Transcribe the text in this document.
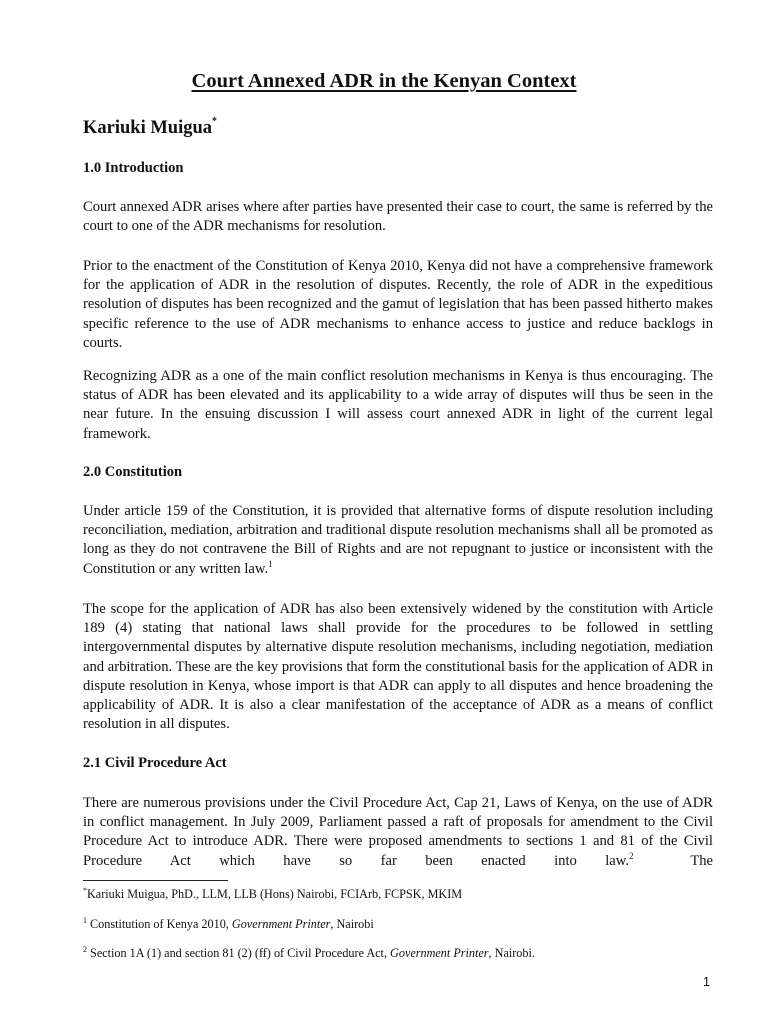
Court Annexed ADR in the Kenyan Context
Kariuki Muigua*
1.0 Introduction

Court annexed ADR arises where after parties have presented their case to court, the same is referred by the court to one of the ADR mechanisms for resolution.

Prior to the enactment of the Constitution of Kenya 2010, Kenya did not have a comprehensive framework for the application of ADR in the resolution of disputes. Recently, the role of ADR in the expeditious resolution of disputes has been recognized and the gamut of legislation that has been passed hitherto makes specific reference to the use of ADR mechanisms to enhance access to justice and reduce backlogs in courts.

Recognizing ADR as a one of the main conflict resolution mechanisms in Kenya is thus encouraging. The status of ADR has been elevated and its applicability to a wide array of disputes will thus be seen in the near future. In the ensuing discussion I will assess court annexed ADR in light of the current legal framework.

2.0 Constitution

Under article 159 of the Constitution, it is provided that alternative forms of dispute resolution including reconciliation, mediation, arbitration and traditional dispute resolution mechanisms shall all be promoted as long as they do not contravene the Bill of Rights and are not repugnant to justice or inconsistent with the Constitution or any written law.$^1$

The scope for the application of ADR has also been extensively widened by the constitution with Article 189 (4) stating that national laws shall provide for the procedures to be followed in settling intergovernmental disputes by alternative dispute resolution mechanisms, including negotiation, mediation and arbitration. These are the key provisions that form the constitutional basis for the application of ADR in dispute resolution in Kenya, whose import is that ADR can apply to all disputes and hence broadening the applicability of ADR. It is also a clear manifestation of the acceptance of ADR as a means of conflict resolution in all disputes.

2.1 Civil Procedure Act

There are numerous provisions under the Civil Procedure Act, Cap 21, Laws of Kenya, on the use of ADR in conflict management. In July 2009, Parliament passed a raft of proposals for amendment to the Civil Procedure Act to introduce ADR. There were proposed amendments to sections 1 and 81 of the Civil Procedure Act which have so far been enacted into law.$^2$	The

*Kariuki Muigua, PhD., LLM, LLB (Hons) Nairobi, FCIArb, FCPSK, MKIM
$^1$ Constitution of Kenya 2010, Government Printer, Nairobi
$^2$ Section 1A (1) and section 81 (2) (ff) of Civil Procedure Act, Government Printer, Nairobi.
1
